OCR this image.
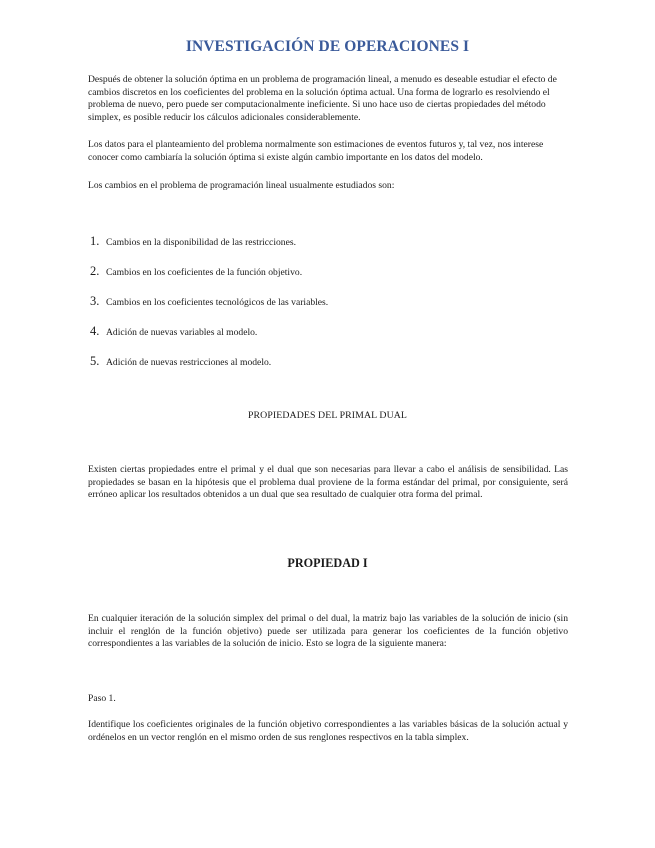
INVESTIGACIÓN DE OPERACIONES I

Después de obtener la solución óptima en un problema de programación lineal, a menudo es deseable estudiar el efecto de cambios discretos en los coeficientes del problema en la solución óptima actual. Una forma de lograrlo es resolviendo el problema de nuevo, pero puede ser computacionalmente ineficiente. Si uno hace uso de ciertas propiedades del método simplex, es posible reducir los cálculos adicionales considerablemente.

Los datos para el planteamiento del problema normalmente son estimaciones de eventos futuros y, tal vez, nos interese conocer como cambiaría la solución óptima si existe algún cambio importante en los datos del modelo.

Los cambios en el problema de programación lineal usualmente estudiados son:

1. Cambios en la disponibilidad de las restricciones.
2. Cambios en los coeficientes de la función objetivo.
3. Cambios en los coeficientes tecnológicos de las variables.
4. Adición de nuevas variables al modelo.
5. Adición de nuevas restricciones al modelo.
PROPIEDADES DEL PRIMAL DUAL

Existen ciertas propiedades entre el primal y el dual que son necesarias para llevar a cabo el análisis de sensibilidad. Las propiedades se basan en la hipótesis que el problema dual proviene de la forma estándar del primal, por consiguiente, será erróneo aplicar los resultados obtenidos a un dual que sea resultado de cualquier otra forma del primal.

PROPIEDAD I

En cualquier iteración de la solución simplex del primal o del dual, la matriz bajo las variables de la solución de inicio (sin incluir el renglón de la función objetivo) puede ser utilizada para generar los coeficientes de la función objetivo correspondientes a las variables de la solución de inicio. Esto se logra de la siguiente manera:

Paso 1.

Identifique los coeficientes originales de la función objetivo correspondientes a las variables básicas de la solución actual y ordénelos en un vector renglón en el mismo orden de sus renglones respectivos en la tabla simplex.
